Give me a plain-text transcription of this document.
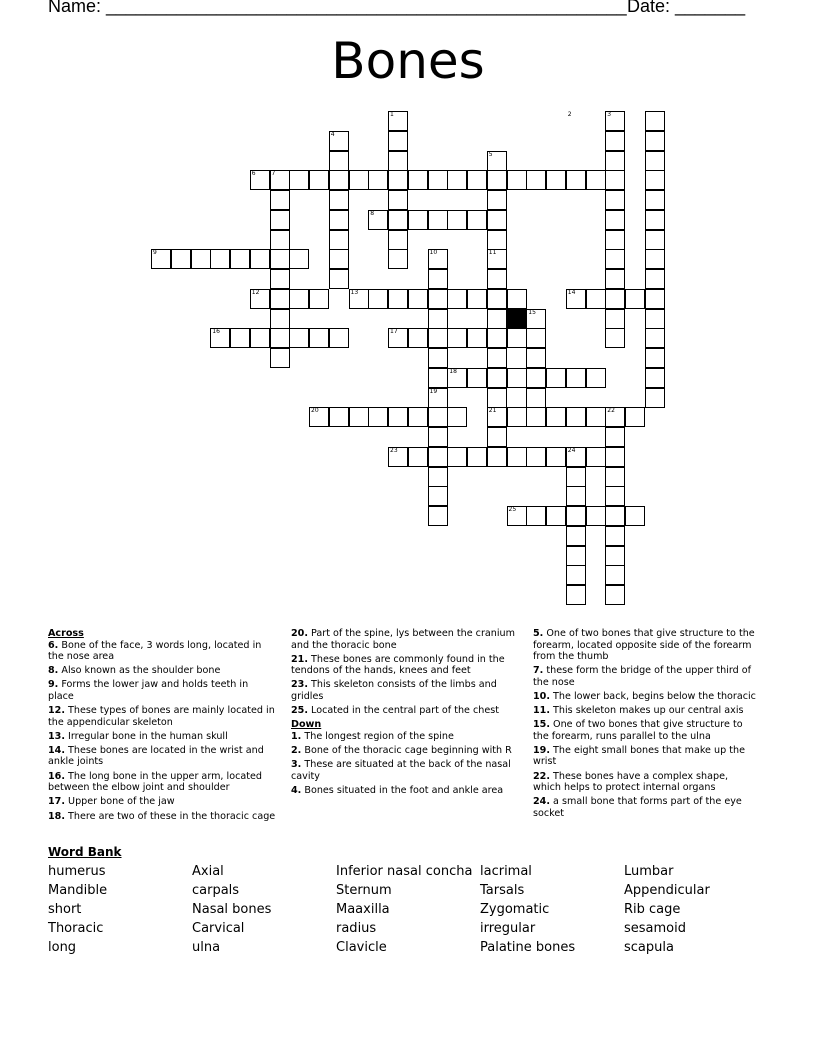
Name: ____________________________________________________ Date: _______
Bones
1	2	3
4
5
6	7
8
9	10	11
12	13	14
15
16	17
18
19
20	21	22
23	24
25
Across
6. Bone of the face, 3 words long, located in the nose area
8. Also known as the shoulder bone
9. Forms the lower jaw and holds teeth in place
12. These types of bones are mainly located in the appendicular skeleton
13. Irregular bone in the human skull
14. These bones are located in the wrist and ankle joints
16. The long bone in the upper arm, located between the elbow joint and shoulder
17. Upper bone of the jaw
18. There are two of these in the thoracic cage
20. Part of the spine, lys between the cranium and the thoracic bone
21. These bones are commonly found in the tendons of the hands, knees and feet
23. This skeleton consists of the limbs and gridles
25. Located in the central part of the chest
Down
1. The longest region of the spine
2. Bone of the thoracic cage beginning with R
3. These are situated at the back of the nasal cavity
4. Bones situated in the foot and ankle area
5. One of two bones that give structure to the forearm, located opposite side of the forearm from the thumb
7. these form the bridge of the upper third of the nose
10. The lower back, begins below the thoracic
11. This skeleton makes up our central axis
15. One of two bones that give structure to the forearm, runs parallel to the ulna
19. The eight small bones that make up the wrist
22. These bones have a complex shape, which helps to protect internal organs
24. a small bone that forms part of the eye socket
Word Bank
humerus
Mandible
short
Thoracic
long
Axial
carpals
Nasal bones
Carvical
ulna
Inferior nasal concha
Sternum
Maaxilla
radius
Clavicle
lacrimal
Tarsals
Zygomatic
irregular
Palatine bones
Lumbar
Appendicular
Rib cage
sesamoid
scapula
